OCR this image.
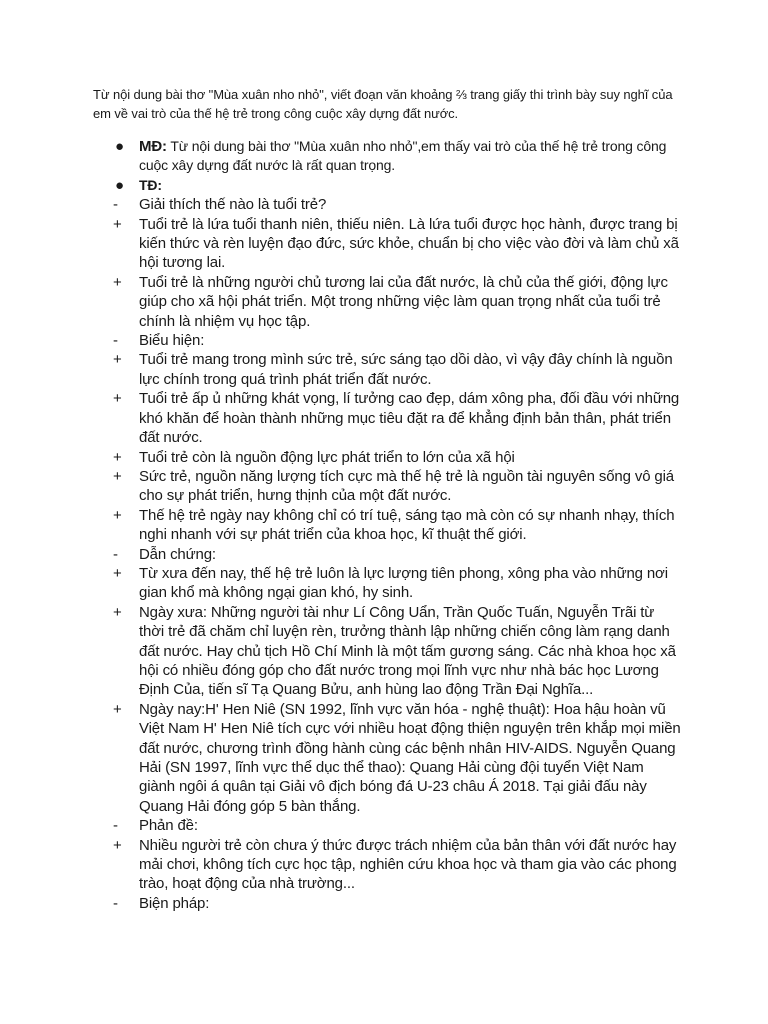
Từ nội dung bài thơ "Mùa xuân nho nhỏ", viết đoạn văn khoảng ⅔ trang giấy thi trình bày suy nghĩ của em về vai trò của thế hệ trẻ trong công cuộc xây dựng đất nước.
●	MĐ: Từ nội dung bài thơ "Mùa xuân nho nhỏ",em thấy vai trò của thế hệ trẻ trong công cuộc xây dựng đất nước là rất quan trọng.
●	TĐ:
-	Giải thích thế nào là tuổi trẻ?
+	Tuổi trẻ là lứa tuổi thanh niên, thiếu niên. Là lứa tuổi được học hành, được trang bị kiến thức và rèn luyện đạo đức, sức khỏe, chuẩn bị cho việc vào đời và làm chủ xã hội tương lai.
+	Tuổi trẻ là những người chủ tương lai của đất nước, là chủ của thế giới, động lực giúp cho xã hội phát triển. Một trong những việc làm quan trọng nhất của tuổi trẻ chính là nhiệm vụ học tập.
-	Biểu hiện:
+	Tuổi trẻ mang trong mình sức trẻ, sức sáng tạo dồi dào, vì vậy đây chính là nguồn lực chính trong quá trình phát triển đất nước.
+	Tuổi trẻ ấp ủ những khát vọng, lí tưởng cao đẹp, dám xông pha, đối đầu với những khó khăn để hoàn thành những mục tiêu đặt ra để khẳng định bản thân, phát triển đất nước.
+	Tuổi trẻ còn là nguồn động lực phát triển to lớn của xã hội
+	Sức trẻ, nguồn năng lượng tích cực mà thế hệ trẻ là nguồn tài nguyên sống vô giá cho sự phát triển, hưng thịnh của một đất nước.
+	Thế hệ trẻ ngày nay không chỉ có trí tuệ, sáng tạo mà còn có sự nhanh nhạy, thích nghi nhanh với sự phát triển của khoa học, kĩ thuật thế giới.
-	Dẫn chứng:
+	Từ xưa đến nay, thế hệ trẻ luôn là lực lượng tiên phong, xông pha vào những nơi gian khổ mà không ngại gian khó, hy sinh.
+	Ngày xưa: Những người tài như Lí Công Uẩn, Trần Quốc Tuấn, Nguyễn Trãi từ thời trẻ đã chăm chỉ luyện rèn, trưởng thành lập những chiến công làm rạng danh đất nước. Hay chủ tịch Hồ Chí Minh là một tấm gương sáng. Các nhà khoa học xã hội có nhiều đóng góp cho đất nước trong mọi lĩnh vực như nhà bác học Lương Định Của, tiến sĩ Tạ Quang Bửu, anh hùng lao động Trần Đại Nghĩa...
+	Ngày nay:H' Hen Niê (SN 1992, lĩnh vực văn hóa - nghệ thuật): Hoa hậu hoàn vũ Việt Nam H' Hen Niê tích cực với nhiều hoạt động thiện nguyện trên khắp mọi miền đất nước, chương trình đồng hành cùng các bệnh nhân HIV-AIDS. Nguyễn Quang Hải (SN 1997, lĩnh vực thể dục thể thao): Quang Hải cùng đội tuyển Việt Nam giành ngôi á quân tại Giải vô địch bóng đá U-23 châu Á 2018. Tại giải đấu này Quang Hải đóng góp 5 bàn thắng.
-	Phản đề:
+	Nhiều người trẻ còn chưa ý thức được trách nhiệm của bản thân với đất nước hay mải chơi, không tích cực học tập, nghiên cứu khoa học và tham gia vào các phong trào, hoạt động của nhà trường...
-	Biện pháp:
